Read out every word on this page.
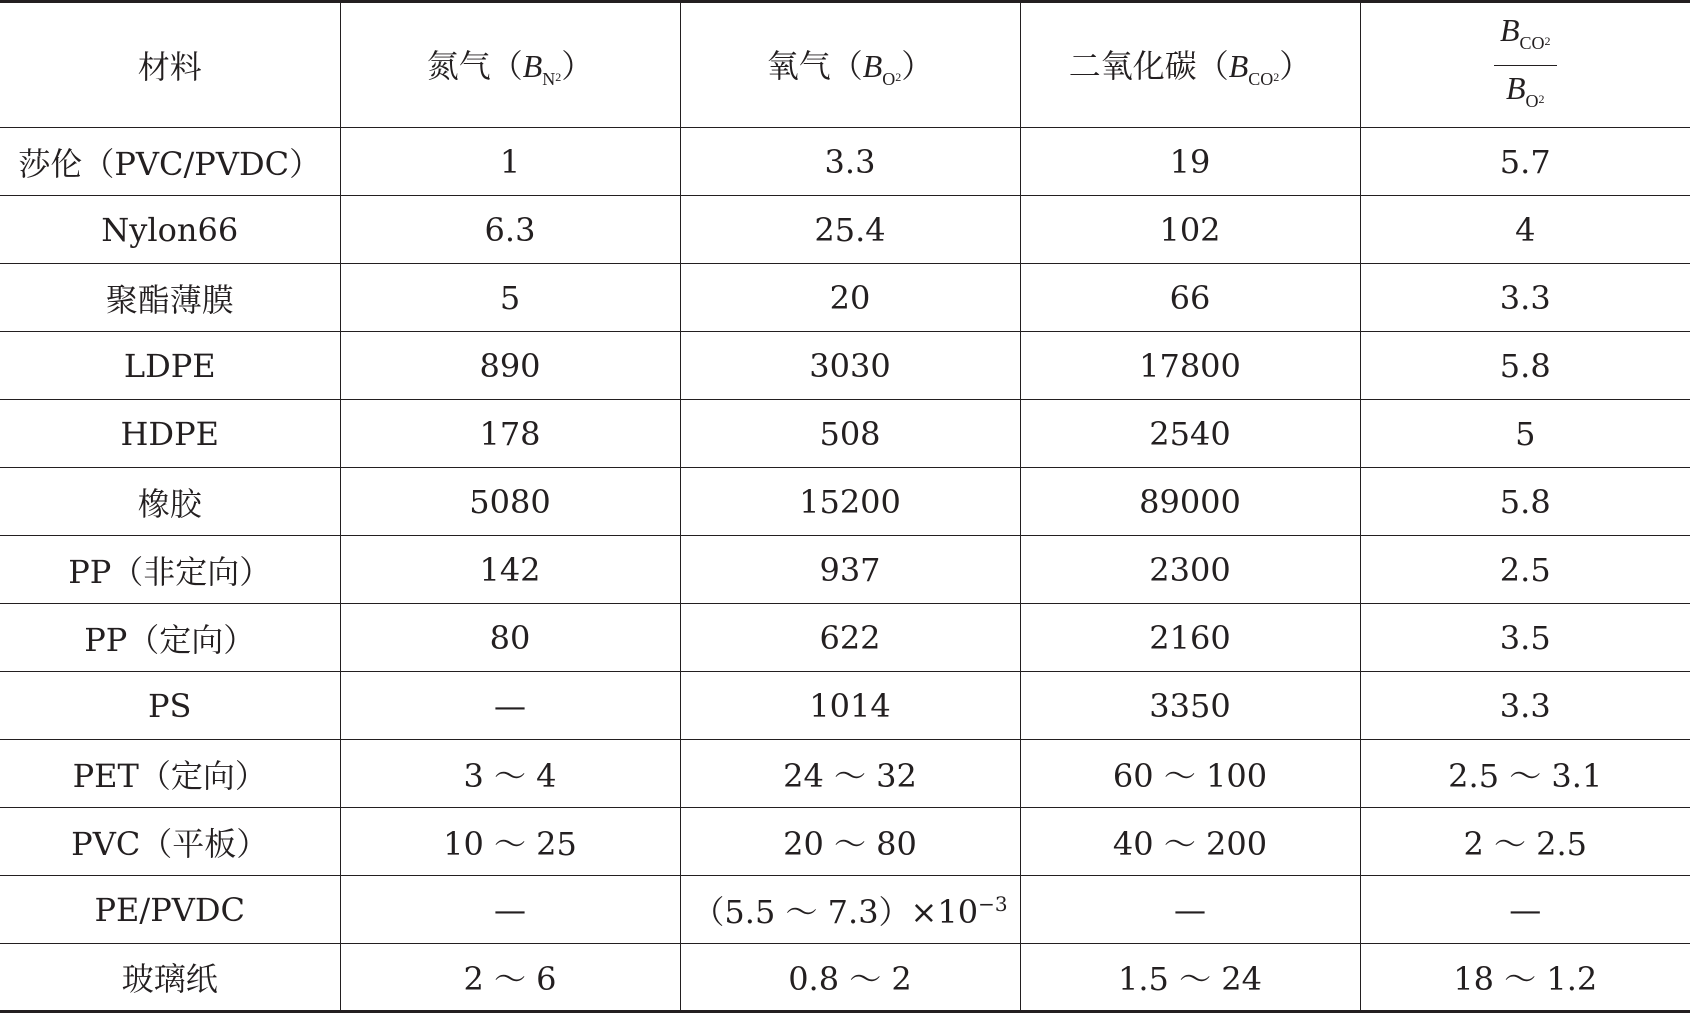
材料	氮气$(B_{N2})$	氧气$(B_{O2})$	二氧化碳$(B_{CO2})$	$\frac{B_{CO2}}{B_{O2}}$

莎伦（PVC/PVDC）	1	3.3	19	5.7
Nylon66	6.3	25.4	102	4
聚酯薄膜	5	20	66	3.3
LDPE	890	3030	17800	5.8
HDPE	178	508	2540	5
橡胶	5080	15200	89000	5.8
PP（非定向）	142	937	2300	2.5
PP（定向）	80	622	2160	3.5
PS	—	1014	3350	3.3
PET（定向）	3 ～ 4	24 ～ 32	60 ～ 100	2.5 ～ 3.1
PVC（平板）	10 ～ 25	20 ～ 80	40 ～ 200	2 ～ 2.5
PE/PVDC	—	（5.5 ～ $7.3)\times 10^{-3}$	—	—
玻璃纸	2 ～ 6	0.8 ～ 2	1.5 ～ 24	18 ～ 1.2
